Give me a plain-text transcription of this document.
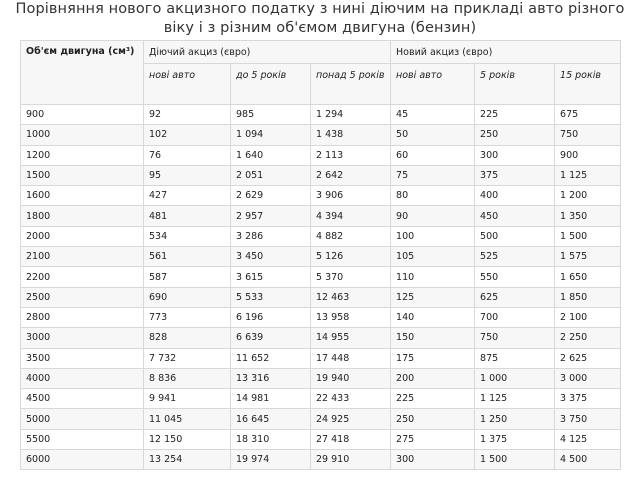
Порівняння нового акцизного податку з нині діючим на прикладі авто різного віку і з різним об'ємом двигуна (бензин)
Об'єм двигуна (см³)	Діючий акциз (євро)			Новий акциз (євро)		
	нові авто	до 5 років	понад 5 років	нові авто	5 років	15 років
900	92	985	1 294	45	225	675
1000	102	1 094	1 438	50	250	750
1200	76	1 640	2 113	60	300	900
1500	95	2 051	2 642	75	375	1 125
1600	427	2 629	3 906	80	400	1 200
1800	481	2 957	4 394	90	450	1 350
2000	534	3 286	4 882	100	500	1 500
2100	561	3 450	5 126	105	525	1 575
2200	587	3 615	5 370	110	550	1 650
2500	690	5 533	12 463	125	625	1 850
2800	773	6 196	13 958	140	700	2 100
3000	828	6 639	14 955	150	750	2 250
3500	7 732	11 652	17 448	175	875	2 625
4000	8 836	13 316	19 940	200	1 000	3 000
4500	9 941	14 981	22 433	225	1 125	3 375
5000	11 045	16 645	24 925	250	1 250	3 750
5500	12 150	18 310	27 418	275	1 375	4 125
6000	13 254	19 974	29 910	300	1 500	4 500
